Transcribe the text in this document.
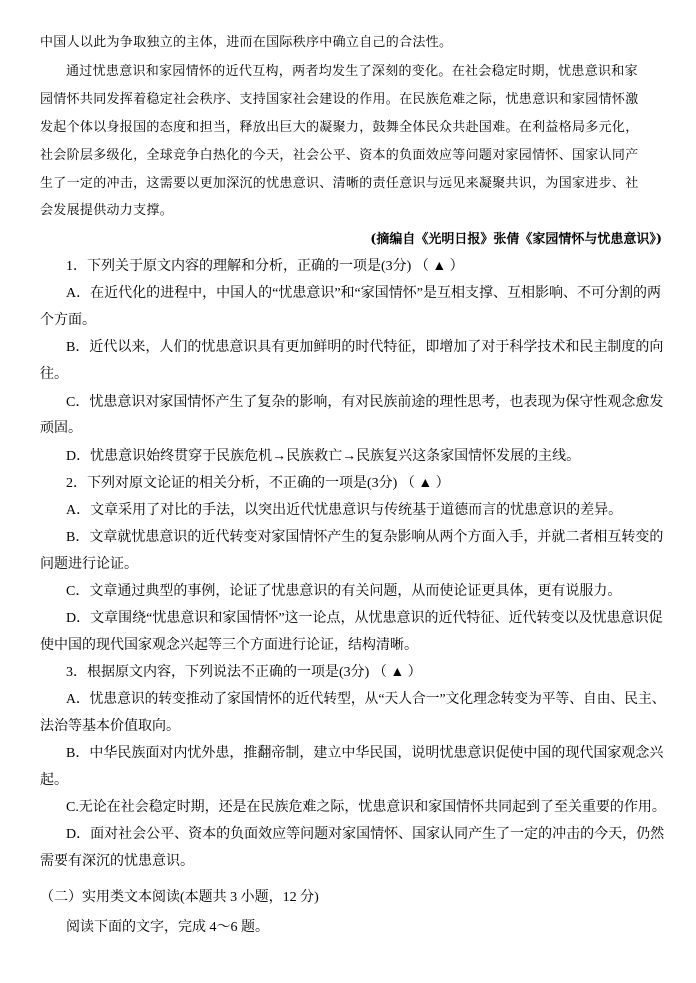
中国人以此为争取独立的主体，进而在国际秩序中确立自己的合法性。
通过忧患意识和家园情怀的近代互构，两者均发生了深刻的变化。在社会稳定时期，忧患意识和家
园情怀共同发挥着稳定社会秩序、支持国家社会建设的作用。在民族危难之际，忧患意识和家园情怀激
发起个体以身报国的态度和担当，释放出巨大的凝聚力，鼓舞全体民众共赴国难。在利益格局多元化，
社会阶层多级化，全球竞争白热化的今天，社会公平、资本的负面效应等问题对家园情怀、国家认同产
生了一定的冲击，这需要以更加深沉的忧患意识、清晰的责任意识与远见来凝聚共识，为国家进步、社
会发展提供动力支撑。
(摘编自《光明日报》张倩《家园情怀与忧患意识》)
1．下列关于原文内容的理解和分析，正确的一项是(3分) （ ▲ ）
A．在近代化的进程中，中国人的“忧患意识”和“家国情怀”是互相支撑、互相影响、不可分割的两
个方面。
B．近代以来，人们的忧患意识具有更加鲜明的时代特征，即增加了对于科学技术和民主制度的向
往。
C．忧患意识对家国情怀产生了复杂的影响，有对民族前途的理性思考，也表现为保守性观念愈发
顽固。
D．忧患意识始终贯穿于民族危机→民族救亡→民族复兴这条家国情怀发展的主线。
2．下列对原文论证的相关分析，不正确的一项是(3分) （ ▲ ）
A．文章采用了对比的手法，以突出近代忧患意识与传统基于道德而言的忧患意识的差异。
B．文章就忧患意识的近代转变对家国情怀产生的复杂影响从两个方面入手，并就二者相互转变的
问题进行论证。
C．文章通过典型的事例，论证了忧患意识的有关问题，从而使论证更具体，更有说服力。
D．文章围绕“忧患意识和家国情怀”这一论点，从忧患意识的近代特征、近代转变以及忧患意识促
使中国的现代国家观念兴起等三个方面进行论证，结构清晰。
3．根据原文内容，下列说法不正确的一项是(3分) （ ▲ ）
A．忧患意识的转变推动了家国情怀的近代转型，从“天人合一”文化理念转变为平等、自由、民主、
法治等基本价值取向。
B．中华民族面对内忧外患，推翻帝制，建立中华民国，说明忧患意识促使中国的现代国家观念兴
起。
C.无论在社会稳定时期，还是在民族危难之际，忧患意识和家国情怀共同起到了至关重要的作用。
D．面对社会公平、资本的负面效应等问题对家国情怀、国家认同产生了一定的冲击的今天，仍然
需要有深沉的忧患意识。
（二）实用类文本阅读(本题共 3 小题，12 分)
阅读下面的文字，完成 4～6 题。
